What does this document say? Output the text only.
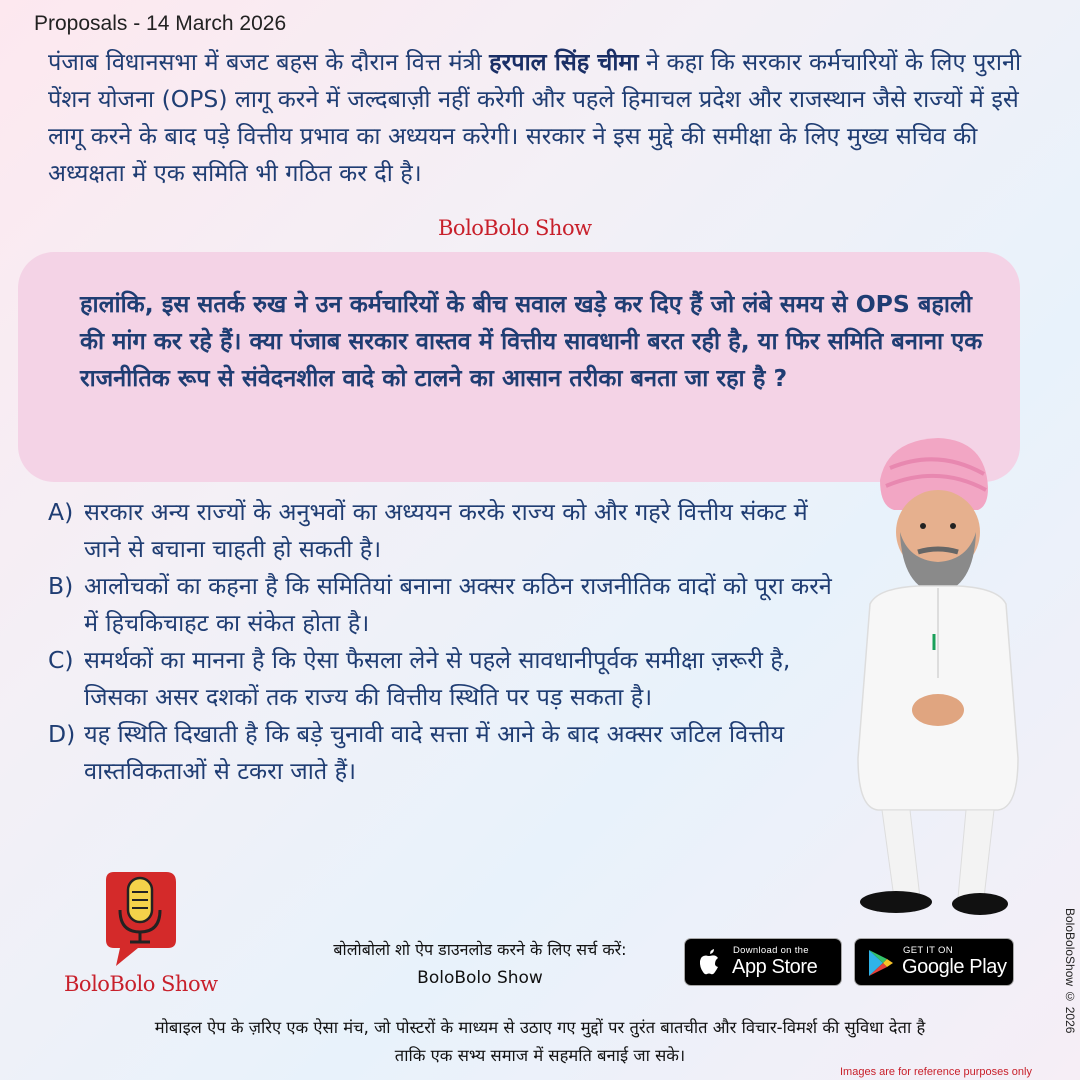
Proposals - 14 March 2026

पंजाब विधानसभा में बजट बहस के दौरान वित्त मंत्री हरपाल सिंह चीमा ने कहा कि सरकार कर्मचारियों के लिए पुरानी पेंशन योजना (OPS) लागू करने में जल्दबाज़ी नहीं करेगी और पहले हिमाचल प्रदेश और राजस्थान जैसे राज्यों में इसे लागू करने के बाद पड़े वित्तीय प्रभाव का अध्ययन करेगी। सरकार ने इस मुद्दे की समीक्षा के लिए मुख्य सचिव की अध्यक्षता में एक समिति भी गठित कर दी है।

BoloBolo Show

हालांकि, इस सतर्क रुख ने उन कर्मचारियों के बीच सवाल खड़े कर दिए हैं जो लंबे समय से OPS बहाली की मांग कर रहे हैं। क्या पंजाब सरकार वास्तव में वित्तीय सावधानी बरत रही है, या फिर समिति बनाना एक राजनीतिक रूप से संवेदनशील वादे को टालने का आसान तरीका बनता जा रहा है ?

A) सरकार अन्य राज्यों के अनुभवों का अध्ययन करके राज्य को और गहरे वित्तीय संकट में जाने से बचाना चाहती हो सकती है।

B) आलोचकों का कहना है कि समितियां बनाना अक्सर कठिन राजनीतिक वादों को पूरा करने में हिचकिचाहट का संकेत होता है।

C) समर्थकों का मानना है कि ऐसा फैसला लेने से पहले सावधानीपूर्वक समीक्षा ज़रूरी है, जिसका असर दशकों तक राज्य की वित्तीय स्थिति पर पड़ सकता है।

D) यह स्थिति दिखाती है कि बड़े चुनावी वादे सत्ता में आने के बाद अक्सर जटिल वित्तीय वास्तविकताओं से टकरा जाते हैं।

BoloBolo Show
बोलोबोलो शो ऐप डाउनलोड करने के लिए सर्च करें:
BoloBolo Show
Download on the
App Store
GET IT ON
Google Play

मोबाइल ऐप के ज़रिए एक ऐसा मंच, जो पोस्टरों के माध्यम से उठाए गए मुद्दों पर तुरंत बातचीत और विचार-विमर्श की सुविधा देता है
ताकि एक सभ्य समाज में सहमति बनाई जा सके।

Images are for reference purposes only
BoloBoloShow © 2026
